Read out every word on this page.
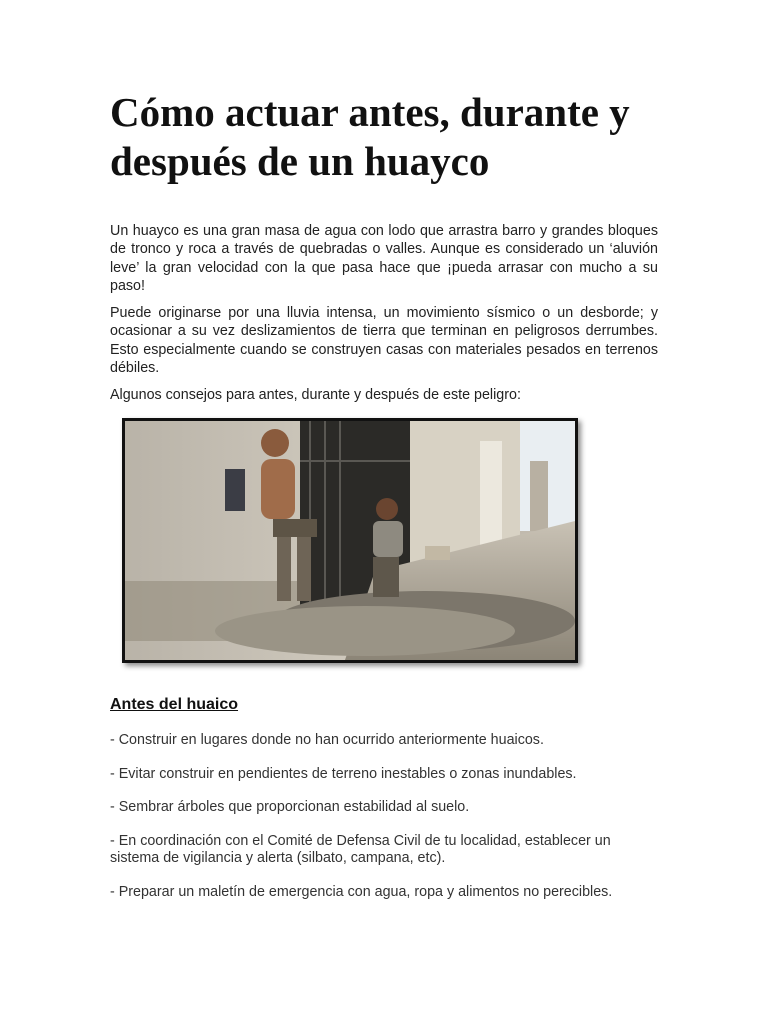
Cómo actuar antes, durante y después de un huayco

Un huayco es una gran masa de agua con lodo que arrastra barro y grandes bloques de tronco y roca a través de quebradas o valles. Aunque es considerado un ‘aluvión leve’ la gran velocidad con la que pasa hace que ¡pueda arrasar con mucho a su paso!

Puede originarse por una lluvia intensa, un movimiento sísmico o un desborde; y ocasionar a su vez deslizamientos de tierra que terminan en peligrosos derrumbes. Esto especialmente cuando se construyen casas con materiales pesados en terrenos débiles.

Algunos consejos para antes, durante y después de este peligro:

Antes del huaico

- Construir en lugares donde no han ocurrido anteriormente huaicos.

- Evitar construir en pendientes de terreno inestables o zonas inundables.

- Sembrar árboles que proporcionan estabilidad al suelo.

- En coordinación con el Comité de Defensa Civil de tu localidad, establecer un sistema de vigilancia y alerta (silbato, campana, etc).

- Preparar un maletín de emergencia con agua, ropa y alimentos no perecibles.
